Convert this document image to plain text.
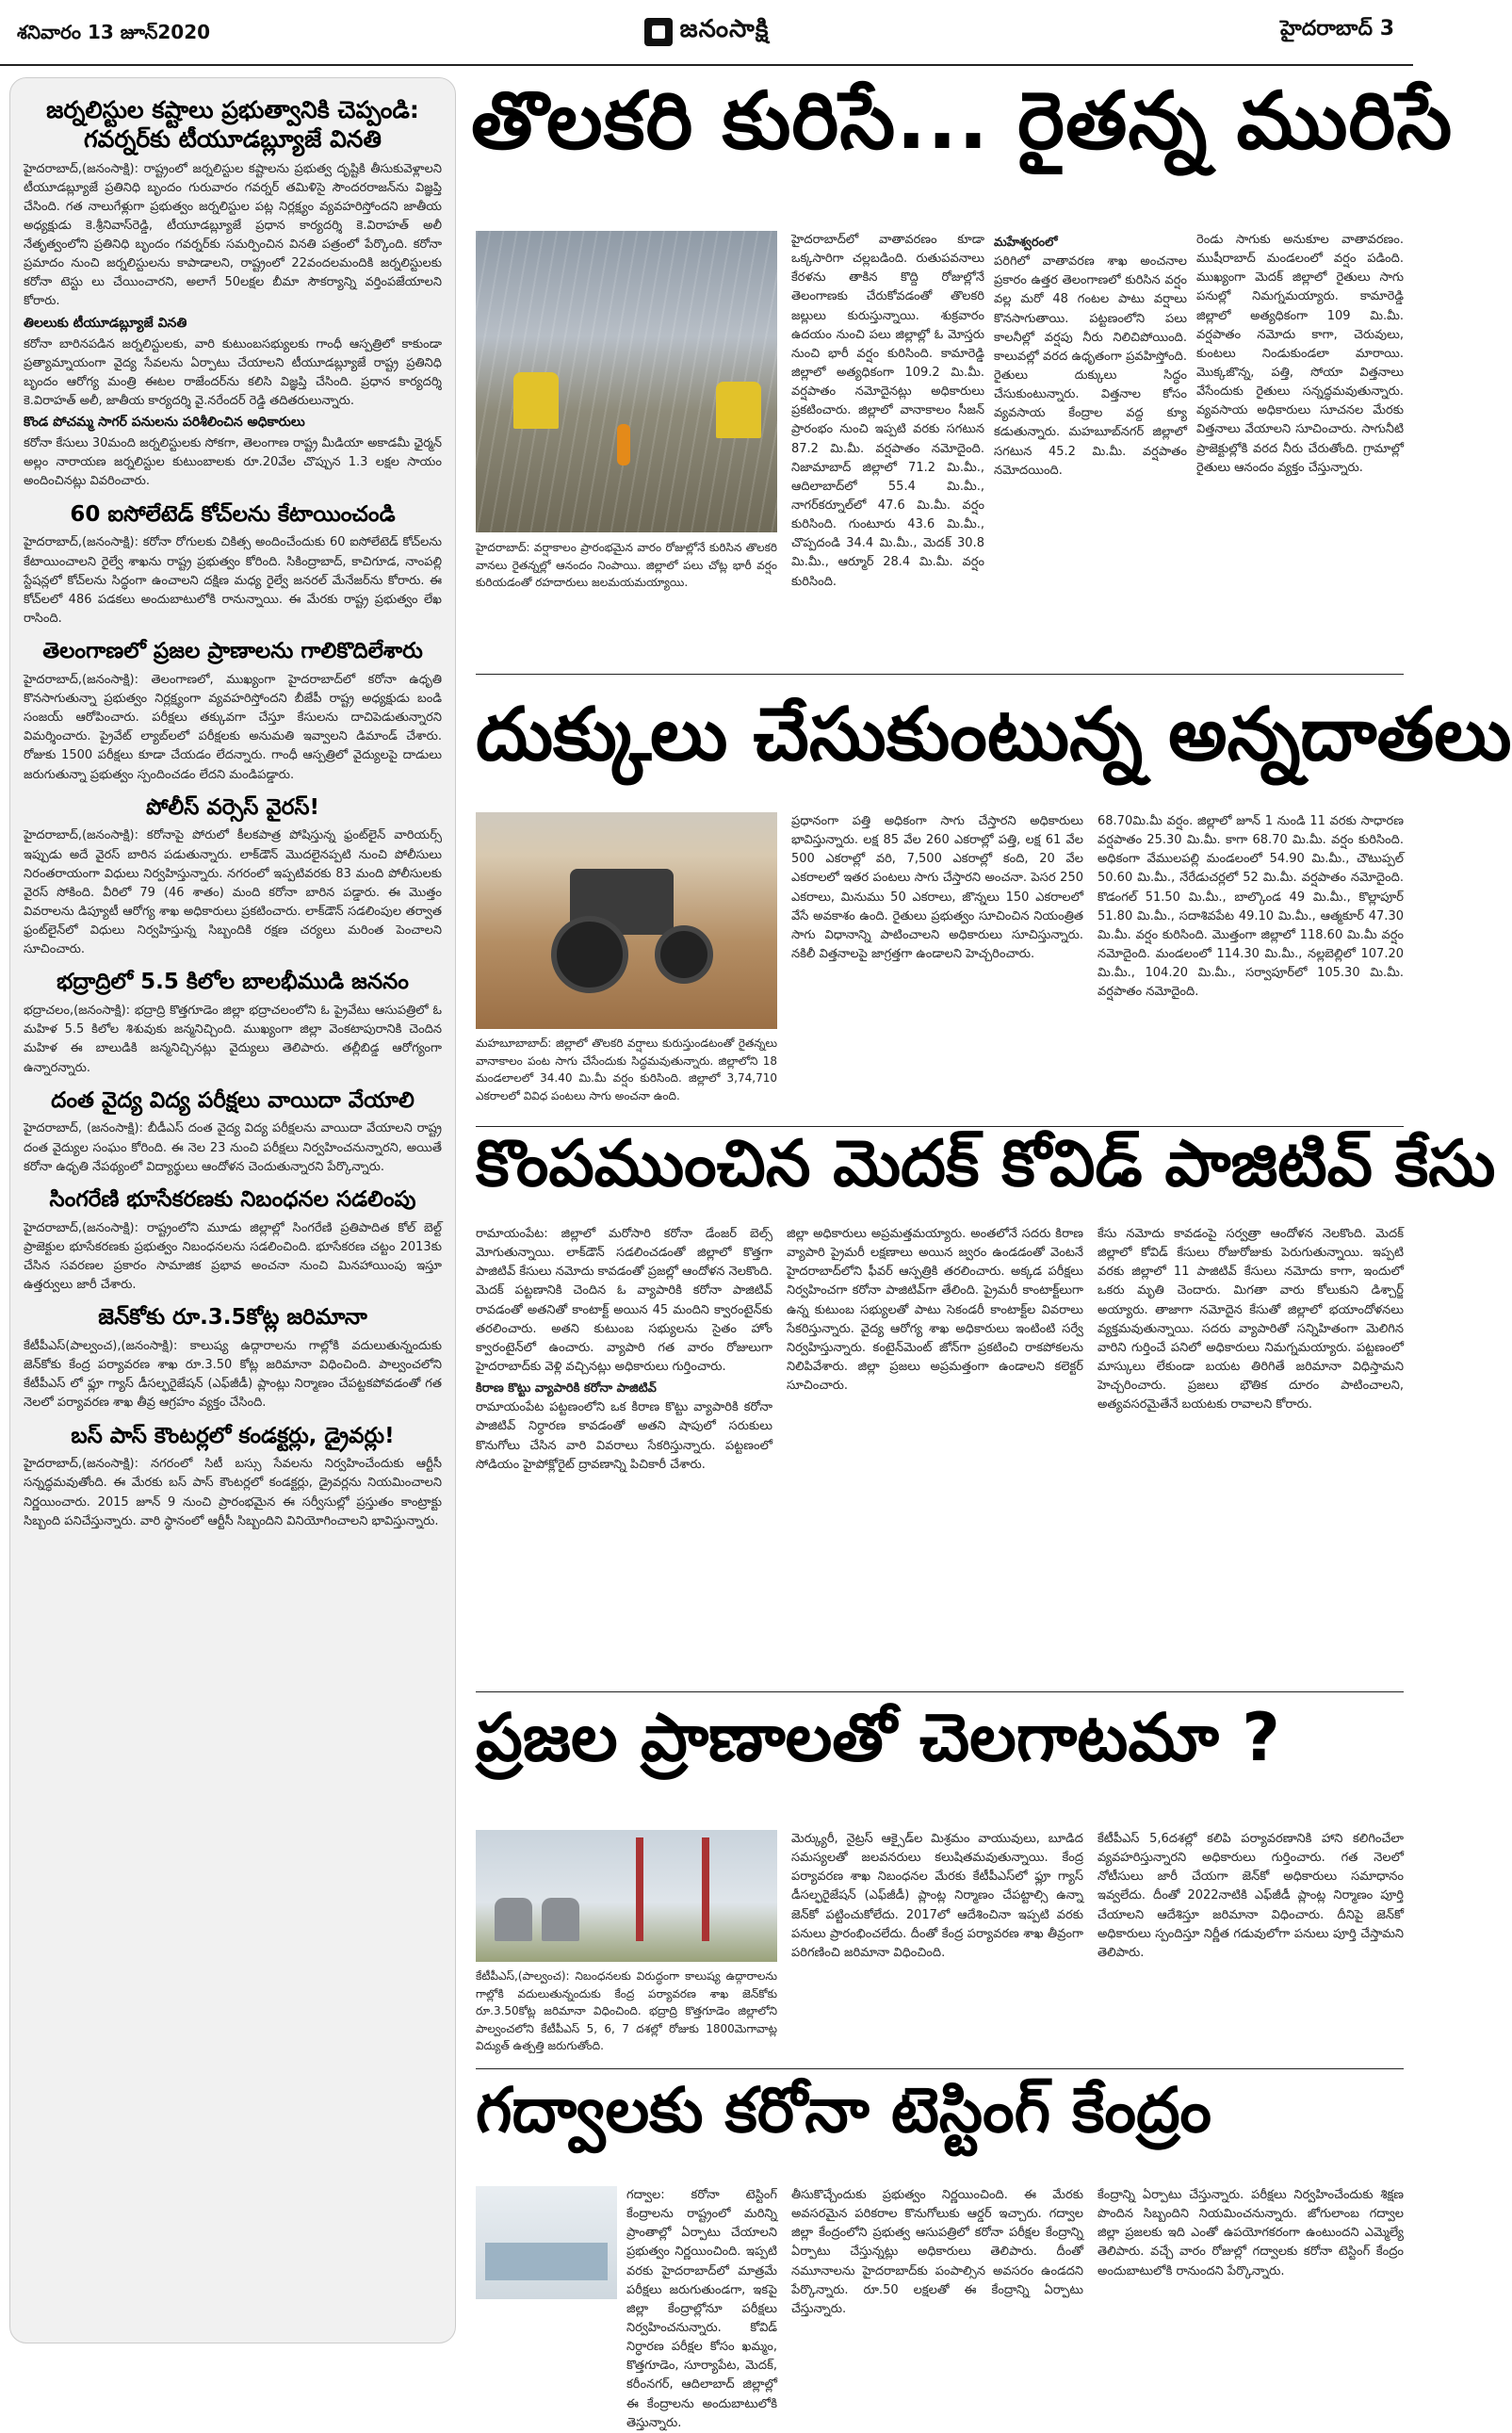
శనివారం 13 జూన్2020	జనంసాక్షి	హైదరాబాద్ 3
జర్నలిస్టుల కష్టాలు ప్రభుత్వానికి చెప్పండి: గవర్నర్‌కు టీయూడబ్ల్యూజే వినతి
హైదరాబాద్‌,(జనంసాక్షి): రాష్ట్రంలో జర్నలిస్టుల కష్టాలను ప్రభుత్వ దృష్టికి తీసుకువెళ్లాలని టీయూడబ్ల్యూజే ప్రతినిధి బృందం గురువారం గవర్నర్‌ తమిళిసై సౌందరరాజన్‌ను విజ్ఞప్తి చేసింది. గత నాలుగేళ్లుగా ప్రభుత్వం జర్నలిస్టుల పట్ల నిర్లక్ష్యం వ్యవహరిస్తోందని జాతీయ అధ్యక్షుడు కె.శ్రీనివాస్‌రెడ్డి, టీయూడబ్ల్యూజే ప్రధాన కార్యదర్శి కె.విరాహత్‌ అలీ నేతృత్వంలోని ప్రతినిధి బృందం గవర్నర్‌కు సమర్పించిన వినతి పత్రంలో పేర్కొంది. కరోనా ప్రమాదం నుంచి జర్నలిస్టులను కాపాడాలని, రాష్ట్రంలో 22వందలమందికి జర్నలిస్టులకు కరోనా టెస్టు లు చేయించారని, అలాగే 50లక్షల బీమా సౌకర్యాన్ని వర్తింపజేయాలని కోరారు.
తిలలుకు టీయూడబ్ల్యూజే వినతి
కరోనా బారినపడిన జర్నలిస్టులకు, వారి కుటుంబసభ్యులకు గాంధీ ఆస్పత్రిలో కాకుండా ప్రత్యామ్నాయంగా వైద్య సేవలను ఏర్పాటు చేయాలని టీయూడబ్ల్యూజే రాష్ట్ర ప్రతినిధి బృందం ఆరోగ్య మంత్రి ఈటల రాజేందర్‌ను కలిసి విజ్ఞప్తి చేసింది. ప్రధాన కార్యదర్శి కె.విరాహత్‌ అలీ, జాతీయ కార్యదర్శి వై.నరేందర్‌ రెడ్డి తదితరులున్నారు.
కొండ పోచమ్మ సాగర్‌ పనులను పరిశీలించిన అధికారులు
కరోనా కేసులు 30మంది జర్నలిస్టులకు సోకగా, తెలంగాణ రాష్ట్ర మీడియా అకాడమీ ఛైర్మన్‌ అల్లం నారాయణ జర్నలిస్టుల కుటుంబాలకు రూ.20వేల చొప్పున 1.3 లక్షల సాయం అందించినట్లు వివరించారు.
60 ఐసోలేటెడ్‌ కోచ్‌లను కేటాయించండి
హైదరాబాద్‌,(జనంసాక్షి): కరోనా రోగులకు చికిత్స అందించేందుకు 60 ఐసోలేటెడ్‌ కోచ్‌లను కేటాయించాలని రైల్వే శాఖను రాష్ట్ర ప్రభుత్వం కోరింది. సికింద్రాబాద్‌, కాచిగూడ, నాంపల్లి స్టేషన్లలో కోచ్‌లను సిద్ధంగా ఉంచాలని దక్షిణ మధ్య రైల్వే జనరల్‌ మేనేజర్‌ను కోరారు. ఈ కోచ్‌లలో 486 పడకలు అందుబాటులోకి రానున్నాయి. ఈ మేరకు రాష్ట్ర ప్రభుత్వం లేఖ రాసింది.
తెలంగాణలో ప్రజల ప్రాణాలను గాలికొదిలేశారు
హైదరాబాద్‌,(జనంసాక్షి): తెలంగాణలో, ముఖ్యంగా హైదరాబాద్‌లో కరోనా ఉధృతి కొనసాగుతున్నా ప్రభుత్వం నిర్లక్ష్యంగా వ్యవహరిస్తోందని బీజేపీ రాష్ట్ర అధ్యక్షుడు బండి సంజయ్‌ ఆరోపించారు. పరీక్షలు తక్కువగా చేస్తూ కేసులను దాచిపెడుతున్నారని విమర్శించారు. ప్రైవేట్‌ ల్యాబ్‌లలో పరీక్షలకు అనుమతి ఇవ్వాలని డిమాండ్‌ చేశారు. రోజుకు 1500 పరీక్షలు కూడా చేయడం లేదన్నారు. గాంధీ ఆస్పత్రిలో వైద్యులపై దాడులు జరుగుతున్నా ప్రభుత్వం స్పందించడం లేదని మండిపడ్డారు.
పోలీస్‌ వర్సెస్‌ వైరస్‌!
హైదరాబాద్‌,(జనంసాక్షి): కరోనాపై పోరులో కీలకపాత్ర పోషిస్తున్న ఫ్రంట్‌లైన్‌ వారియర్స్‌ ఇప్పుడు అదే వైరస్‌ బారిన పడుతున్నారు. లాక్‌డౌన్‌ మొదలైనప్పటి నుంచి పోలీసులు నిరంతరాయంగా విధులు నిర్వహిస్తున్నారు. నగరంలో ఇప్పటివరకు 83 మంది పోలీసులకు వైరస్‌ సోకింది. వీరిలో 79 (46 శాతం) మంది కరోనా బారిన పడ్డారు. ఈ మొత్తం వివరాలను డిప్యూటీ ఆరోగ్య శాఖ అధికారులు ప్రకటించారు. లాక్‌డౌన్‌ సడలింపుల తర్వాత ఫ్రంట్‌లైన్‌లో విధులు నిర్వహిస్తున్న సిబ్బందికి రక్షణ చర్యలు మరింత పెంచాలని సూచించారు.
భద్రాద్రిలో 5.5 కిలోల బాలభీముడి జననం
భద్రాచలం,(జనంసాక్షి): భద్రాద్రి కొత్తగూడెం జిల్లా భద్రాచలంలోని ఓ ప్రైవేటు ఆసుపత్రిలో ఓ మహిళ 5.5 కిలోల శిశువుకు జన్మనిచ్చింది. ముఖ్యంగా జిల్లా వెంకటాపురానికి చెందిన మహిళ ఈ బాలుడికి జన్మనిచ్చినట్లు వైద్యులు తెలిపారు. తల్లీబిడ్డ ఆరోగ్యంగా ఉన్నారన్నారు.
దంత వైద్య విద్య పరీక్షలు వాయిదా వేయాలి
హైదరాబాద్‌, (జనంసాక్షి): బీడీఎస్‌ దంత వైద్య విద్య పరీక్షలను వాయిదా వేయాలని రాష్ట్ర దంత వైద్యుల సంఘం కోరింది. ఈ నెల 23 నుంచి పరీక్షలు నిర్వహించనున్నారని, అయితే కరోనా ఉధృతి నేపథ్యంలో విద్యార్థులు ఆందోళన చెందుతున్నారని పేర్కొన్నారు.
సింగరేణి భూసేకరణకు నిబంధనల సడలింపు
హైదరాబాద్‌,(జనంసాక్షి): రాష్ట్రంలోని మూడు జిల్లాల్లో సింగరేణి ప్రతిపాదిత కోల్‌ బెల్ట్‌ ప్రాజెక్టుల భూసేకరణకు ప్రభుత్వం నిబంధనలను సడలించింది. భూసేకరణ చట్టం 2013కు చేసిన సవరణల ప్రకారం సామాజిక ప్రభావ అంచనా నుంచి మినహాయింపు ఇస్తూ ఉత్తర్వులు జారీ చేశారు.
జెన్‌కోకు రూ.3.5కోట్ల జరిమానా
కేటీపీఎస్‌(పాల్వంచ),(జనంసాక్షి): కాలుష్య ఉద్గారాలను గాల్లోకి వదులుతున్నందుకు జెన్‌కోకు కేంద్ర పర్యావరణ శాఖ రూ.3.50 కోట్ల జరిమానా విధించింది. పాల్వంచలోని కేటీపీఎస్‌ లో ఫ్లూ గ్యాస్‌ డీసల్ఫరైజేషన్‌ (ఎఫ్‌జీడీ) ప్లాంట్లు నిర్మాణం చేపట్టకపోవడంతో గత నెలలో పర్యావరణ శాఖ తీవ్ర ఆగ్రహం వ్యక్తం చేసింది.
బస్‌ పాస్‌ కౌంటర్లలో కండక్టర్లు, డ్రైవర్లు!
హైదరాబాద్‌,(జనంసాక్షి): నగరంలో సిటీ బస్సు సేవలను నిర్వహించేందుకు ఆర్టీసీ సన్నద్ధమవుతోంది. ఈ మేరకు బస్‌ పాస్‌ కౌంటర్లలో కండక్టర్లు, డ్రైవర్లను నియమించాలని నిర్ణయించారు. 2015 జూన్‌ 9 నుంచి ప్రారంభమైన ఈ సర్వీసుల్లో ప్రస్తుతం కాంట్రాక్టు సిబ్బంది పనిచేస్తున్నారు. వారి స్థానంలో ఆర్టీసీ సిబ్బందిని వినియోగించాలని భావిస్తున్నారు.
తొలకరి కురిసే... రైతన్న మురిసే
హైదరాబాద్‌: వర్షాకాలం ప్రారంభమైన వారం రోజుల్లోనే కురిసిన తొలకరి వానలు రైతన్నల్లో ఆనందం నింపాయి. జిల్లాలో పలు చోట్ల భారీ వర్షం కురియడంతో రహదారులు జలమయమయ్యాయి.
హైదరాబాద్‌లో వాతావరణం కూడా ఒక్కసారిగా చల్లబడింది. రుతుపవనాలు కేరళను తాకిన కొద్ది రోజుల్లోనే తెలంగాణకు చేరుకోవడంతో తొలకరి జల్లులు కురుస్తున్నాయి. శుక్రవారం ఉదయం నుంచి పలు జిల్లాల్లో ఓ మోస్తరు నుంచి భారీ వర్షం కురిసింది. కామారెడ్డి జిల్లాలో అత్యధికంగా 109.2 మి.మీ. వర్షపాతం నమోదైనట్లు అధికారులు ప్రకటించారు. జిల్లాలో వానాకాలం సీజన్‌ ప్రారంభం నుంచి ఇప్పటి వరకు సగటున 87.2 మి.మీ. వర్షపాతం నమోదైంది. నిజామాబాద్‌ జిల్లాలో 71.2 మి.మీ., ఆదిలాబాద్‌లో 55.4 మి.మీ., నాగర్‌కర్నూల్‌లో 47.6 మి.మీ. వర్షం కురిసింది. గుంటూరు 43.6 మి.మీ., చొప్పదండి 34.4 మి.మీ., మెదక్‌ 30.8 మి.మీ., ఆర్మూర్‌ 28.4 మి.మీ. వర్షం కురిసింది.
మహేశ్వరంలో
పరిగిలో వాతావరణ శాఖ అంచనాల ప్రకారం ఉత్తర తెలంగాణలో కురిసిన వర్షం వల్ల మరో 48 గంటల పాటు వర్షాలు కొనసాగుతాయి. పట్టణంలోని పలు కాలనీల్లో వర్షపు నీరు నిలిచిపోయింది. కాలువల్లో వరద ఉధృతంగా ప్రవహిస్తోంది. రైతులు దుక్కులు సిద్ధం చేసుకుంటున్నారు. విత్తనాల కోసం వ్యవసాయ కేంద్రాల వద్ద క్యూ కడుతున్నారు. మహబూబ్‌నగర్‌ జిల్లాలో సగటున 45.2 మి.మీ. వర్షపాతం నమోదయింది.
రెండు సాగుకు అనుకూల వాతావరణం. ముషీరాబాద్‌ మండలంలో వర్షం పడింది. ముఖ్యంగా మెదక్‌ జిల్లాలో రైతులు సాగు పనుల్లో నిమగ్నమయ్యారు. కామారెడ్డి జిల్లాలో అత్యధికంగా 109 మి.మీ. వర్షపాతం నమోదు కాగా, చెరువులు, కుంటలు నిండుకుండలా మారాయి. మొక్కజొన్న, పత్తి, సోయా విత్తనాలు వేసేందుకు రైతులు సన్నద్ధమవుతున్నారు. వ్యవసాయ అధికారులు సూచనల మేరకు విత్తనాలు వేయాలని సూచించారు. సాగునీటి ప్రాజెక్టుల్లోకి వరద నీరు చేరుతోంది. గ్రామాల్లో రైతులు ఆనందం వ్యక్తం చేస్తున్నారు.
దుక్కులు చేసుకుంటున్న అన్నదాతలు
మహబూబాబాద్‌: జిల్లాలో తొలకరి వర్షాలు కురుస్తుండటంతో రైతన్నలు వానాకాలం పంట సాగు చేసేందుకు సిద్ధమవుతున్నారు. జిల్లాలోని 18 మండలాలలో 34.40 మి.మీ వర్షం కురిసింది. జిల్లాలో 3,74,710 ఎకరాలలో వివిధ పంటలు సాగు అంచనా ఉంది.
ప్రధానంగా పత్తి అధికంగా సాగు చేస్తారని అధికారులు భావిస్తున్నారు. లక్ష 85 వేల 260 ఎకరాల్లో పత్తి, లక్ష 61 వేల 500 ఎకరాల్లో వరి, 7,500 ఎకరాల్లో కంది, 20 వేల ఎకరాలలో ఇతర పంటలు సాగు చేస్తారని అంచనా. పెసర 250 ఎకరాలు, మినుము 50 ఎకరాలు, జొన్నలు 150 ఎకరాలలో వేసే అవకాశం ఉంది. రైతులు ప్రభుత్వం సూచించిన నియంత్రిత సాగు విధానాన్ని పాటించాలని అధికారులు సూచిస్తున్నారు. నకిలీ విత్తనాలపై జాగ్రత్తగా ఉండాలని హెచ్చరించారు.
68.70మి.మీ వర్షం. జిల్లాలో జూన్‌ 1 నుండి 11 వరకు సాధారణ వర్షపాతం 25.30 మి.మీ. కాగా 68.70 మి.మీ. వర్షం కురిసింది. అధికంగా వేములపల్లి మండలంలో 54.90 మి.మీ., చౌటుప్పల్‌ 50.60 మి.మీ., నేరేడుచర్లలో 52 మి.మీ. వర్షపాతం నమోదైంది. కొడంగల్‌ 51.50 మి.మీ., బాల్కొండ 49 మి.మీ., కొల్లాపూర్‌ 51.80 మి.మీ., సదాశివపేట 49.10 మి.మీ., ఆత్మకూర్‌ 47.30 మి.మీ. వర్షం కురిసింది. మొత్తంగా జిల్లాలో 118.60 మి.మీ వర్షం నమోదైంది. మండలంలో 114.30 మి.మీ., నల్లబెల్లిలో 107.20 మి.మీ., 104.20 మి.మీ., సర్వాపూర్‌లో 105.30 మి.మీ. వర్షపాతం నమోదైంది.
కొంపముంచిన మెదక్‌ కోవిడ్‌ పాజిటివ్‌ కేసు
రామాయంపేట: జిల్లాలో మరోసారి కరోనా డేంజర్‌ బెల్స్‌ మోగుతున్నాయి. లాక్‌డౌన్‌ సడలించడంతో జిల్లాలో కొత్తగా పాజిటివ్‌ కేసులు నమోదు కావడంతో ప్రజల్లో ఆందోళన నెలకొంది. మెదక్‌ పట్టణానికి చెందిన ఓ వ్యాపారికి కరోనా పాజిటివ్‌ రావడంతో అతనితో కాంటాక్ట్‌ అయిన 45 మందిని క్వారంటైన్‌కు తరలించారు. అతని కుటుంబ సభ్యులను సైతం హోం క్వారంటైన్‌లో ఉంచారు. వ్యాపారి గత వారం రోజులుగా హైదరాబాద్‌కు వెళ్లి వచ్చినట్లు అధికారులు గుర్తించారు.
కిరాణ కొట్టు వ్యాపారికి కరోనా పాజిటివ్‌
రామాయంపేట పట్టణంలోని ఒక కిరాణ కొట్టు వ్యాపారికి కరోనా పాజిటివ్‌ నిర్ధారణ కావడంతో అతని షాపులో సరుకులు కొనుగోలు చేసిన వారి వివరాలు సేకరిస్తున్నారు. పట్టణంలో సోడియం హైపోక్లోరైట్‌ ద్రావణాన్ని పిచికారీ చేశారు.
జిల్లా అధికారులు అప్రమత్తమయ్యారు. అంతలోనే సదరు కిరాణ వ్యాపారి ప్రైమరీ లక్షణాలు అయిన జ్వరం ఉండడంతో వెంటనే హైదరాబాద్‌లోని ఫీవర్‌ ఆస్పత్రికి తరలించారు. అక్కడ పరీక్షలు నిర్వహించగా కరోనా పాజిటివ్‌గా తేలింది. ప్రైమరీ కాంటాక్ట్‌లుగా ఉన్న కుటుంబ సభ్యులతో పాటు సెకండరీ కాంటాక్ట్‌ల వివరాలు సేకరిస్తున్నారు. వైద్య ఆరోగ్య శాఖ అధికారులు ఇంటింటి సర్వే నిర్వహిస్తున్నారు. కంటైన్‌మెంట్‌ జోన్‌గా ప్రకటించి రాకపోకలను నిలిపివేశారు. జిల్లా ప్రజలు అప్రమత్తంగా ఉండాలని కలెక్టర్‌ సూచించారు.
కేసు నమోదు కావడంపై సర్వత్రా ఆందోళన నెలకొంది. మెదక్‌ జిల్లాలో కోవిడ్‌ కేసులు రోజురోజుకు పెరుగుతున్నాయి. ఇప్పటి వరకు జిల్లాలో 11 పాజిటివ్‌ కేసులు నమోదు కాగా, ఇందులో ఒకరు మృతి చెందారు. మిగతా వారు కోలుకుని డిశ్చార్జ్‌ అయ్యారు. తాజాగా నమోదైన కేసుతో జిల్లాలో భయాందోళనలు వ్యక్తమవుతున్నాయి. సదరు వ్యాపారితో సన్నిహితంగా మెలిగిన వారిని గుర్తించే పనిలో అధికారులు నిమగ్నమయ్యారు. పట్టణంలో మాస్కులు లేకుండా బయట తిరిగితే జరిమానా విధిస్తామని హెచ్చరించారు. ప్రజలు భౌతిక దూరం పాటించాలని, అత్యవసరమైతేనే బయటకు రావాలని కోరారు.
ప్రజల ప్రాణాలతో చెలగాటమా ?
కేటీపీఎస్‌,(పాల్వంచ): నిబంధనలకు విరుద్ధంగా కాలుష్య ఉద్గారాలను గాల్లోకి వదులుతున్నందుకు కేంద్ర పర్యావరణ శాఖ జెన్‌కోకు రూ.3.50కోట్ల జరిమానా విధించింది. భద్రాద్రి కొత్తగూడెం జిల్లాలోని పాల్వంచలోని కేటీపీఎస్‌ 5, 6, 7 దశల్లో రోజుకు 1800మెగావాట్ల విద్యుత్‌ ఉత్పత్తి జరుగుతోంది.
మెర్క్యురీ, నైట్రస్‌ ఆక్సైడ్‌ల మిశ్రమం వాయువులు, బూడిద సమస్యలతో జలవనరులు కలుషితమవుతున్నాయి. కేంద్ర పర్యావరణ శాఖ నిబంధనల మేరకు కేటీపీఎస్‌లో ఫ్లూ గ్యాస్‌ డీసల్ఫరైజేషన్‌ (ఎఫ్‌జీడీ) ప్లాంట్ల నిర్మాణం చేపట్టాల్సి ఉన్నా జెన్‌కో పట్టించుకోలేదు. 2017లో ఆదేశించినా ఇప్పటి వరకు పనులు ప్రారంభించలేదు. దీంతో కేంద్ర పర్యావరణ శాఖ తీవ్రంగా పరిగణించి జరిమానా విధించింది.
కేటీపీఎస్‌ 5,6దశల్లో కలిపి పర్యావరణానికి హాని కలిగించేలా వ్యవహరిస్తున్నారని అధికారులు గుర్తించారు. గత నెలలో నోటీసులు జారీ చేయగా జెన్‌కో అధికారులు సమాధానం ఇవ్వలేదు. దీంతో 2022నాటికి ఎఫ్‌జీడీ ప్లాంట్ల నిర్మాణం పూర్తి చేయాలని ఆదేశిస్తూ జరిమానా విధించారు. దీనిపై జెన్‌కో అధికారులు స్పందిస్తూ నిర్ణీత గడువులోగా పనులు పూర్తి చేస్తామని తెలిపారు.
గద్వాలకు కరోనా టెస్టింగ్‌ కేంద్రం
గద్వాల: కరోనా టెస్టింగ్‌ కేంద్రాలను రాష్ట్రంలో మరిన్ని ప్రాంతాల్లో ఏర్పాటు చేయాలని ప్రభుత్వం నిర్ణయించింది. ఇప్పటి వరకు హైదరాబాద్‌లో మాత్రమే పరీక్షలు జరుగుతుండగా, ఇకపై జిల్లా కేంద్రాల్లోనూ పరీక్షలు నిర్వహించనున్నారు. కోవిడ్‌ నిర్ధారణ పరీక్షల కోసం ఖమ్మం, కొత్తగూడెం, సూర్యాపేట, మెదక్‌, కరీంనగర్‌, ఆదిలాబాద్‌ జిల్లాల్లో ఈ కేంద్రాలను అందుబాటులోకి తెస్తున్నారు.
తీసుకొచ్చేందుకు ప్రభుత్వం నిర్ణయించింది. ఈ మేరకు అవసరమైన పరికరాల కొనుగోలుకు ఆర్డర్‌ ఇచ్చారు. గద్వాల జిల్లా కేంద్రంలోని ప్రభుత్వ ఆసుపత్రిలో కరోనా పరీక్షల కేంద్రాన్ని ఏర్పాటు చేస్తున్నట్లు అధికారులు తెలిపారు. దీంతో నమూనాలను హైదరాబాద్‌కు పంపాల్సిన అవసరం ఉండదని పేర్కొన్నారు. రూ.50 లక్షలతో ఈ కేంద్రాన్ని ఏర్పాటు చేస్తున్నారు.
కేంద్రాన్ని ఏర్పాటు చేస్తున్నారు. పరీక్షలు నిర్వహించేందుకు శిక్షణ పొందిన సిబ్బందిని నియమించనున్నారు. జోగులాంబ గద్వాల జిల్లా ప్రజలకు ఇది ఎంతో ఉపయోగకరంగా ఉంటుందని ఎమ్మెల్యే తెలిపారు. వచ్చే వారం రోజుల్లో గద్వాలకు కరోనా టెస్టింగ్‌ కేంద్రం అందుబాటులోకి రానుందని పేర్కొన్నారు.
